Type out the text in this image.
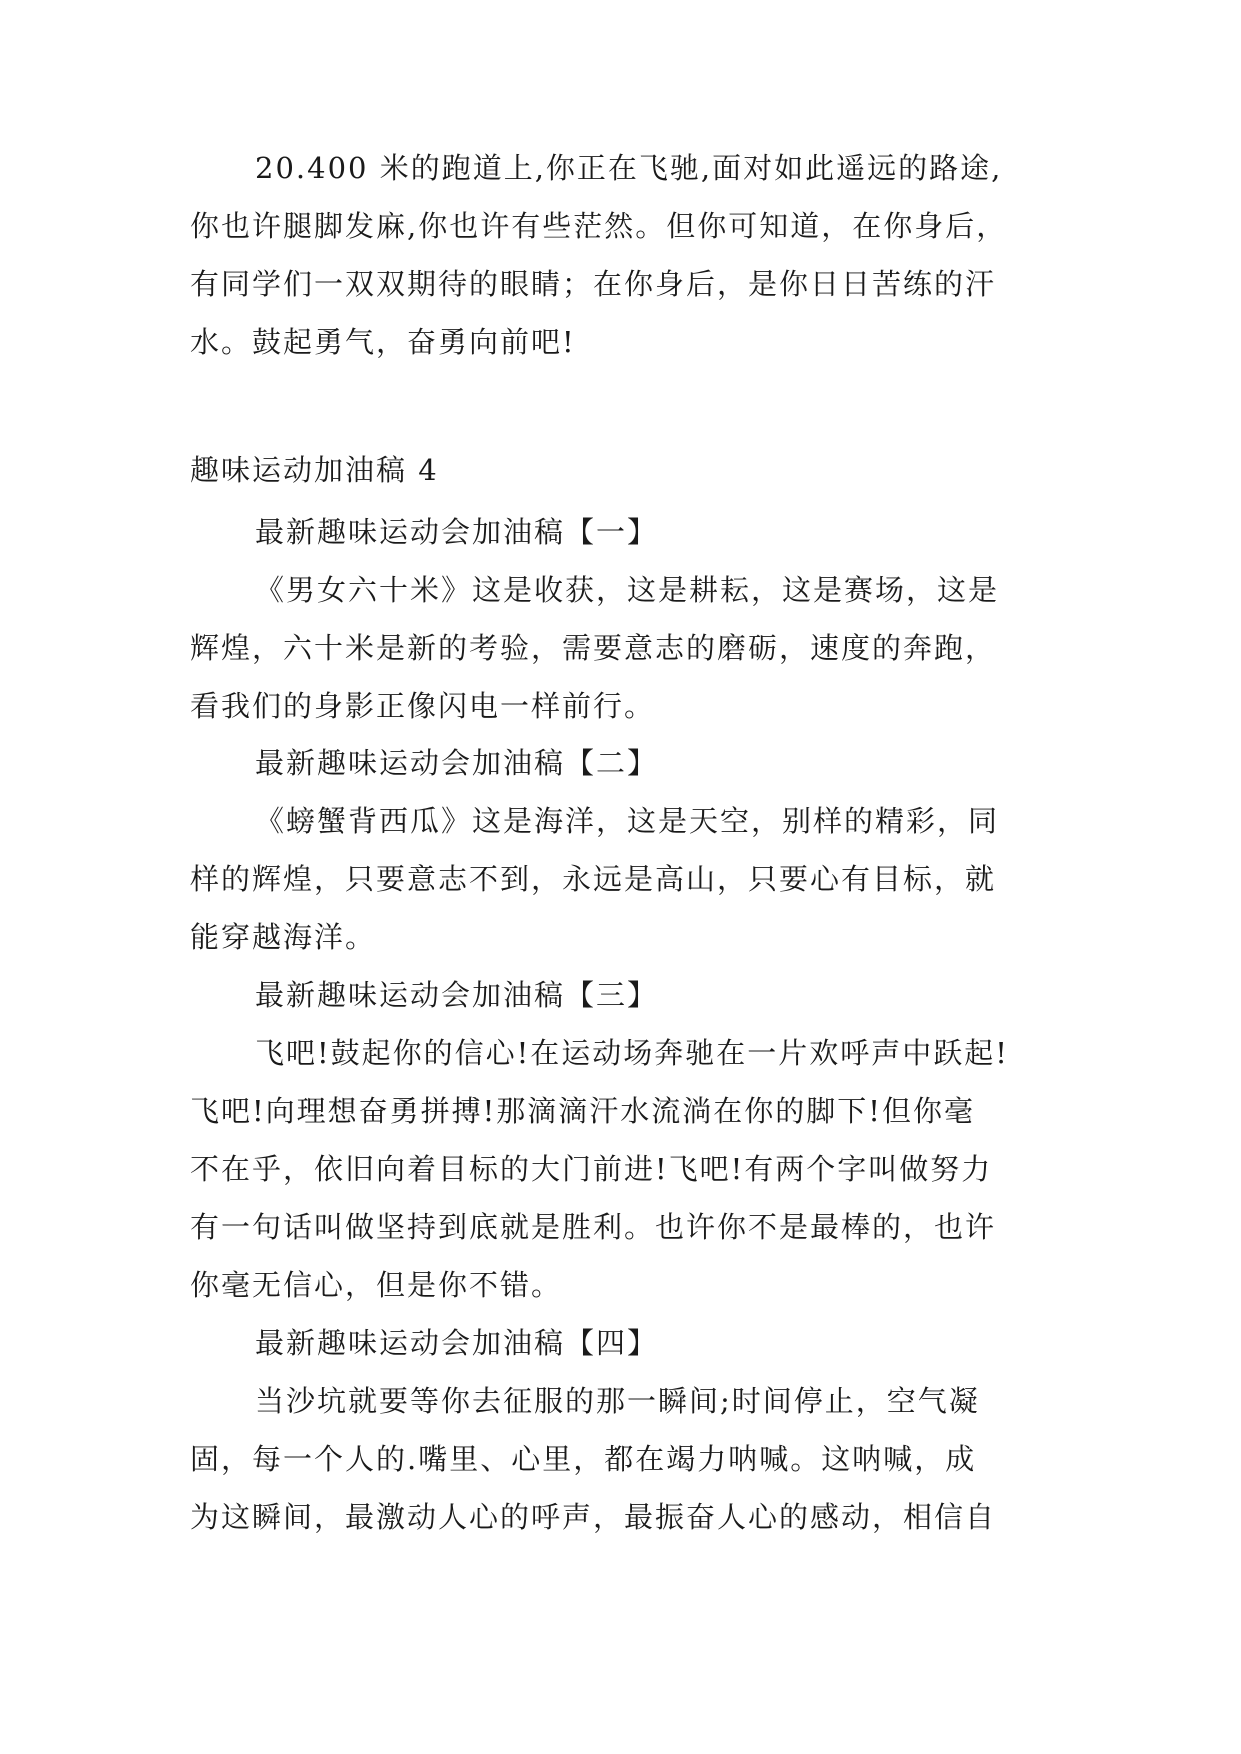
20.400 米的跑道上,你正在飞驰,面对如此遥远的路途,
你也许腿脚发麻,你也许有些茫然。但你可知道，在你身后，
有同学们一双双期待的眼睛；在你身后，是你日日苦练的汗
水。鼓起勇气，奋勇向前吧!
趣味运动加油稿 4
最新趣味运动会加油稿【一】
《男女六十米》这是收获，这是耕耘，这是赛场，这是
辉煌，六十米是新的考验，需要意志的磨砺，速度的奔跑，
看我们的身影正像闪电一样前行。
最新趣味运动会加油稿【二】
《螃蟹背西瓜》这是海洋，这是天空，别样的精彩，同
样的辉煌，只要意志不到，永远是高山，只要心有目标，就
能穿越海洋。
最新趣味运动会加油稿【三】
飞吧!鼓起你的信心!在运动场奔驰在一片欢呼声中跃起!
飞吧!向理想奋勇拼搏!那滴滴汗水流淌在你的脚下!但你毫
不在乎，依旧向着目标的大门前进!飞吧!有两个字叫做努力
有一句话叫做坚持到底就是胜利。也许你不是最棒的，也许
你毫无信心，但是你不错。
最新趣味运动会加油稿【四】
当沙坑就要等你去征服的那一瞬间;时间停止，空气凝
固，每一个人的.嘴里、心里，都在竭力呐喊。这呐喊，成
为这瞬间，最激动人心的呼声，最振奋人心的感动，相信自
